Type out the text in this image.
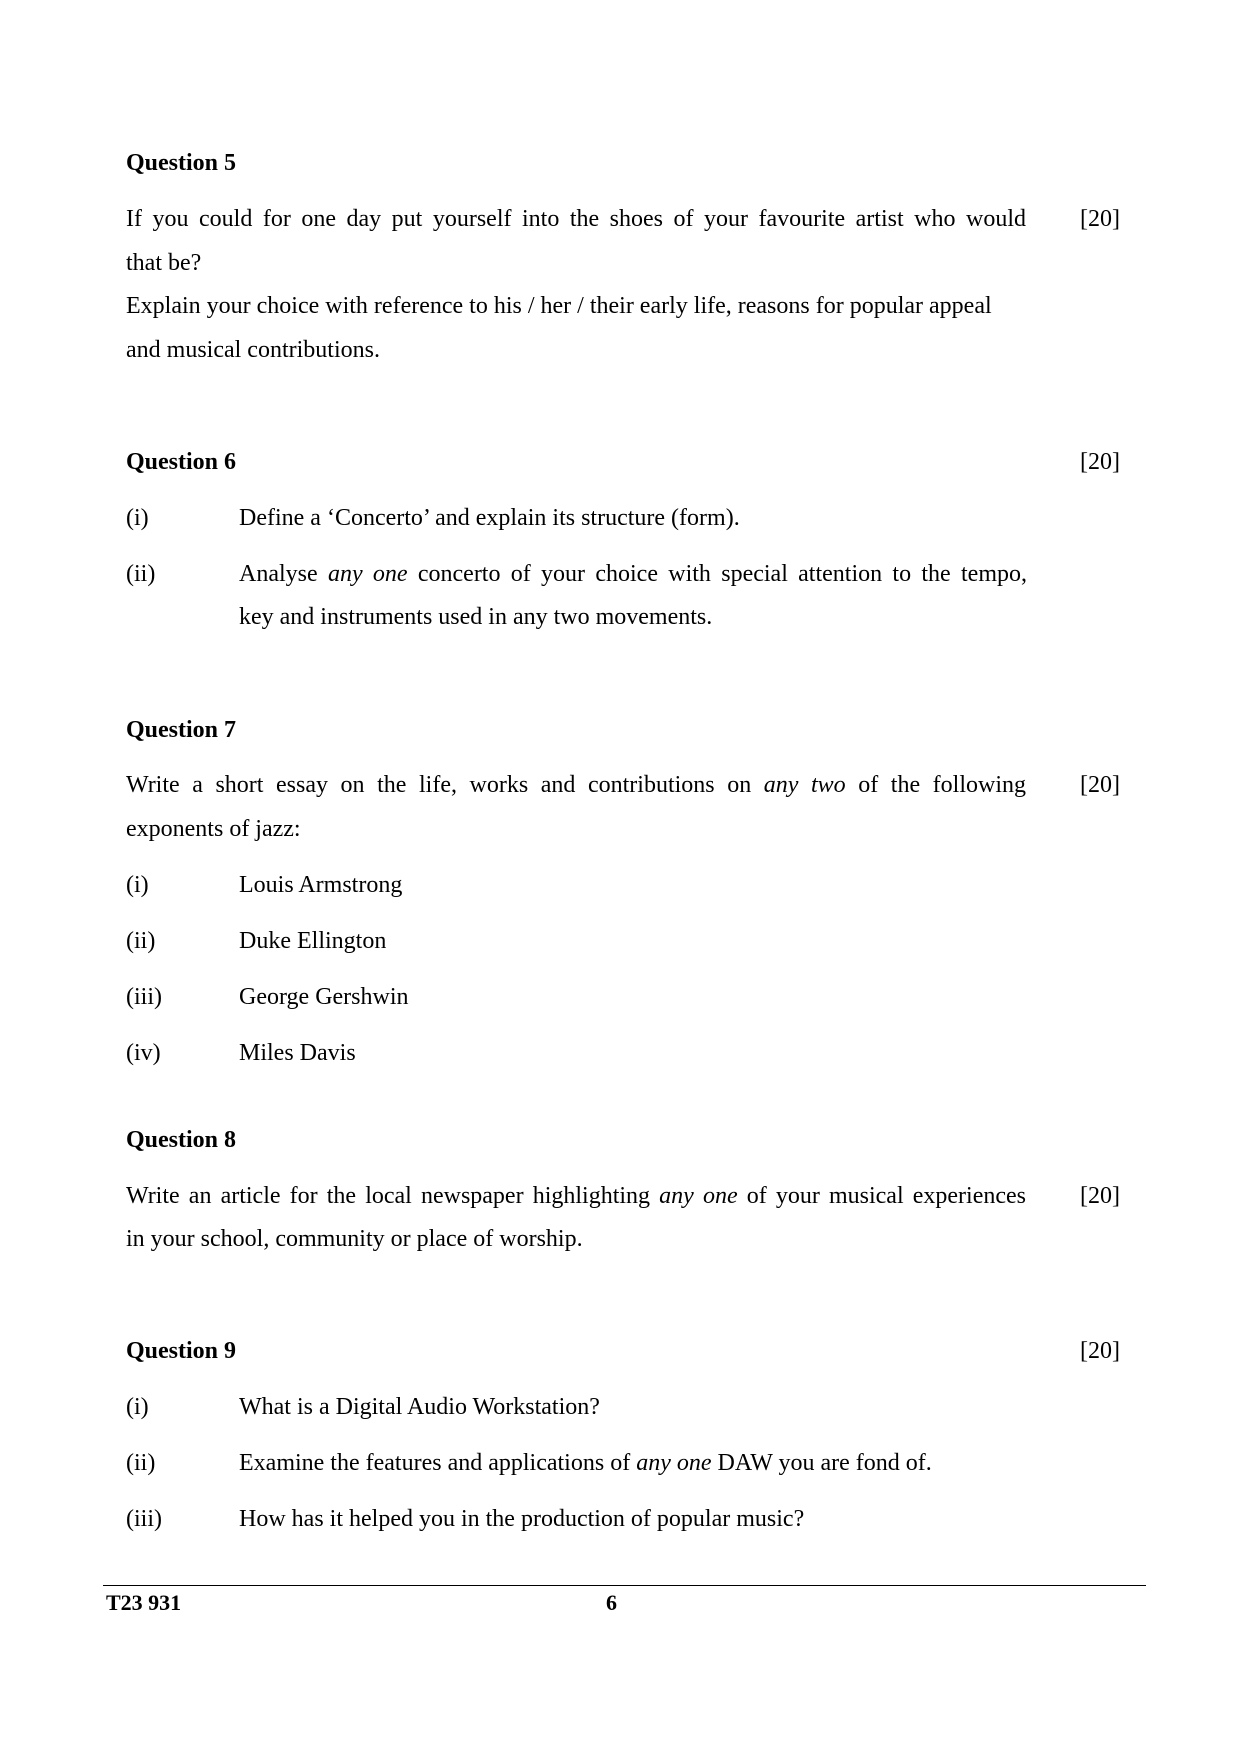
Question 5
If you could for one day put yourself into the shoes of your favourite artist who would [20]
that be?
Explain your choice with reference to his / her / their early life, reasons for popular appeal
and musical contributions.
Question 6	[20]
(i)	Define a ‘Concerto’ and explain its structure (form).
(ii)	Analyse any one concerto of your choice with special attention to the tempo,
key and instruments used in any two movements.
Question 7
Write a short essay on the life, works and contributions on any two of the following [20]
exponents of jazz:
(i)	Louis Armstrong
(ii)	Duke Ellington
(iii)	George Gershwin
(iv)	Miles Davis
Question 8
Write an article for the local newspaper highlighting any one of your musical experiences [20]
in your school, community or place of worship.
Question 9	[20]
(i)	What is a Digital Audio Workstation?
(ii)	Examine the features and applications of any one DAW you are fond of.
(iii)	How has it helped you in the production of popular music?
T23 931	6
